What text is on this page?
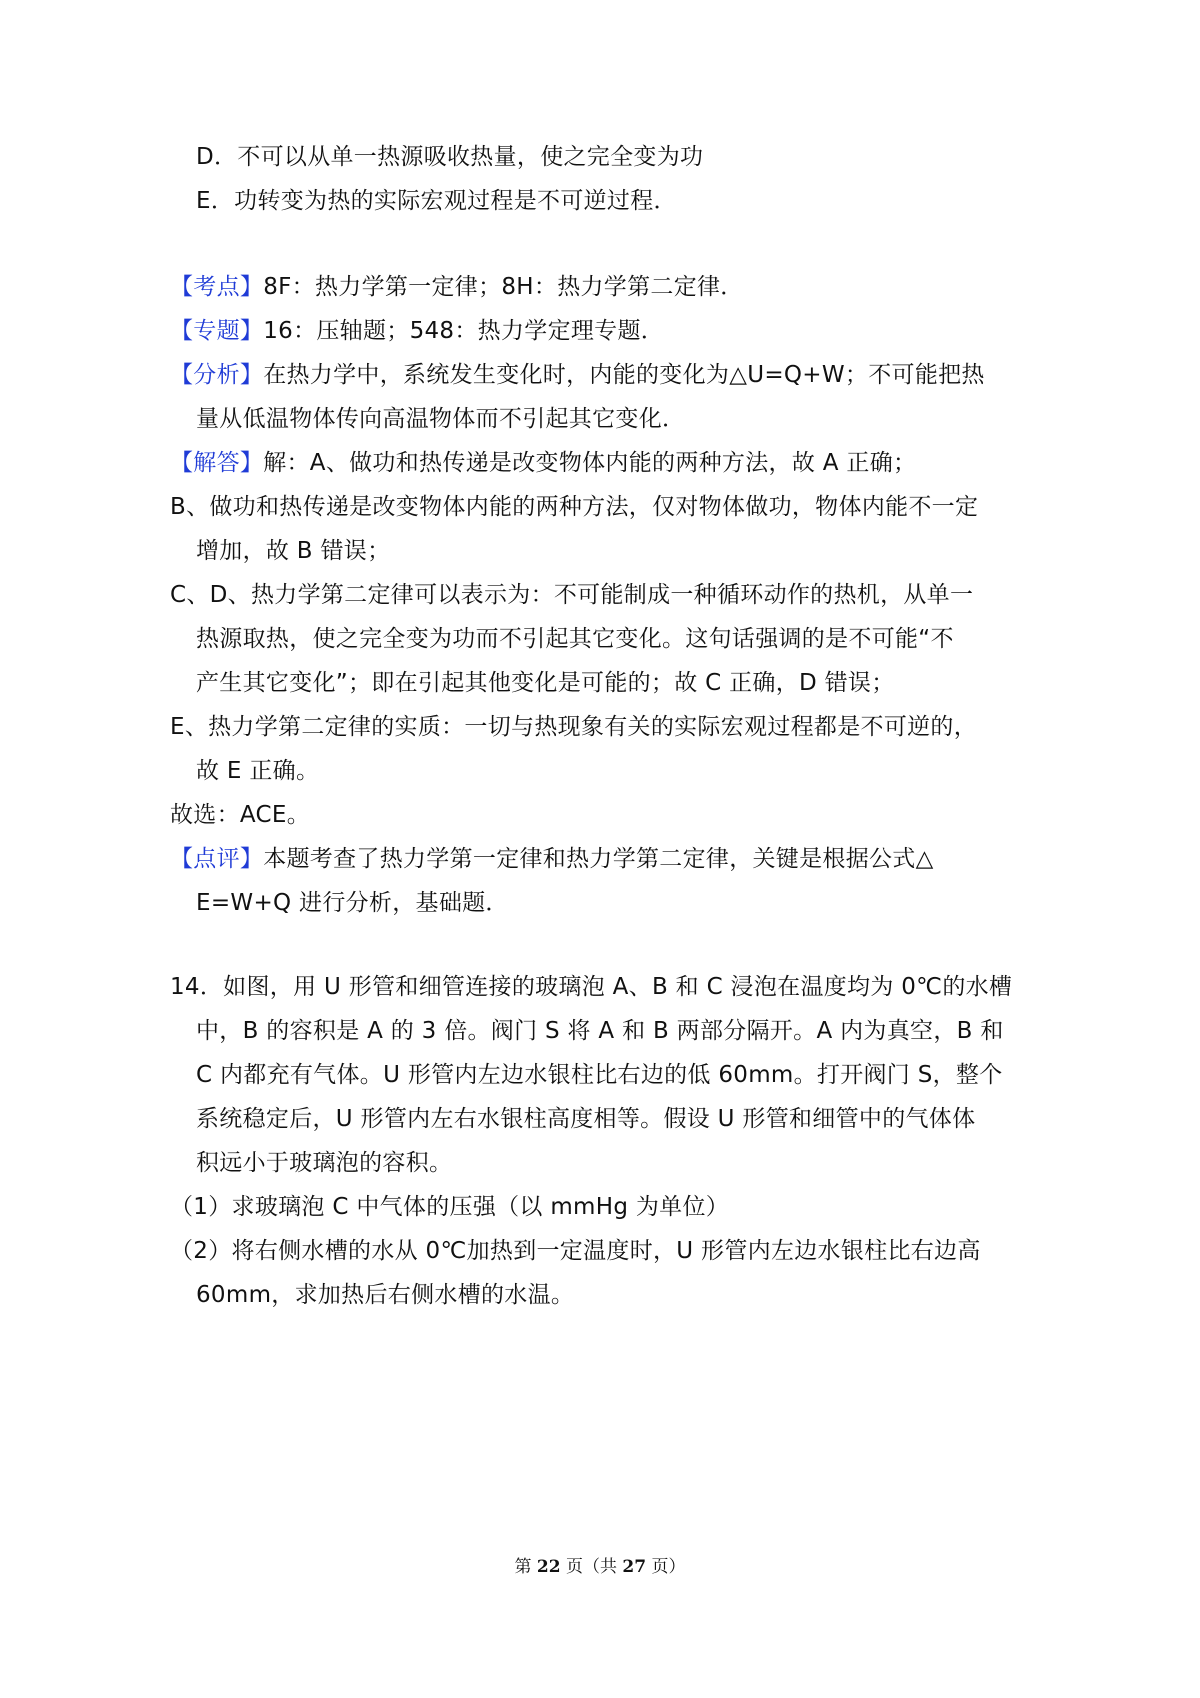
D．不可以从单一热源吸收热量，使之完全变为功
E．功转变为热的实际宏观过程是不可逆过程．
【考点】8F：热力学第一定律；8H：热力学第二定律．
【专题】16：压轴题；548：热力学定理专题．
【分析】在热力学中，系统发生变化时，内能的变化为△U=Q+W；不可能把热
量从低温物体传向高温物体而不引起其它变化．
【解答】解：A、做功和热传递是改变物体内能的两种方法，故 A 正确；
B、做功和热传递是改变物体内能的两种方法，仅对物体做功，物体内能不一定
增加，故 B 错误；
C、D、热力学第二定律可以表示为：不可能制成一种循环动作的热机，从单一
热源取热，使之完全变为功而不引起其它变化。这句话强调的是不可能“不
产生其它变化”；即在引起其他变化是可能的；故 C 正确，D 错误；
E、热力学第二定律的实质：一切与热现象有关的实际宏观过程都是不可逆的，
故 E 正确。
故选：ACE。
【点评】本题考查了热力学第一定律和热力学第二定律，关键是根据公式△
E=W+Q 进行分析，基础题．
14．如图，用 U 形管和细管连接的玻璃泡 A、B 和 C 浸泡在温度均为 0℃的水槽
中，B 的容积是 A 的 3 倍。阀门 S 将 A 和 B 两部分隔开。A 内为真空，B 和
C 内都充有气体。U 形管内左边水银柱比右边的低 60mm。打开阀门 S，整个
系统稳定后，U 形管内左右水银柱高度相等。假设 U 形管和细管中的气体体
积远小于玻璃泡的容积。
（1）求玻璃泡 C 中气体的压强（以 mmHg 为单位）
（2）将右侧水槽的水从 0℃加热到一定温度时，U 形管内左边水银柱比右边高
60mm，求加热后右侧水槽的水温。
第 22 页（共 27 页）
